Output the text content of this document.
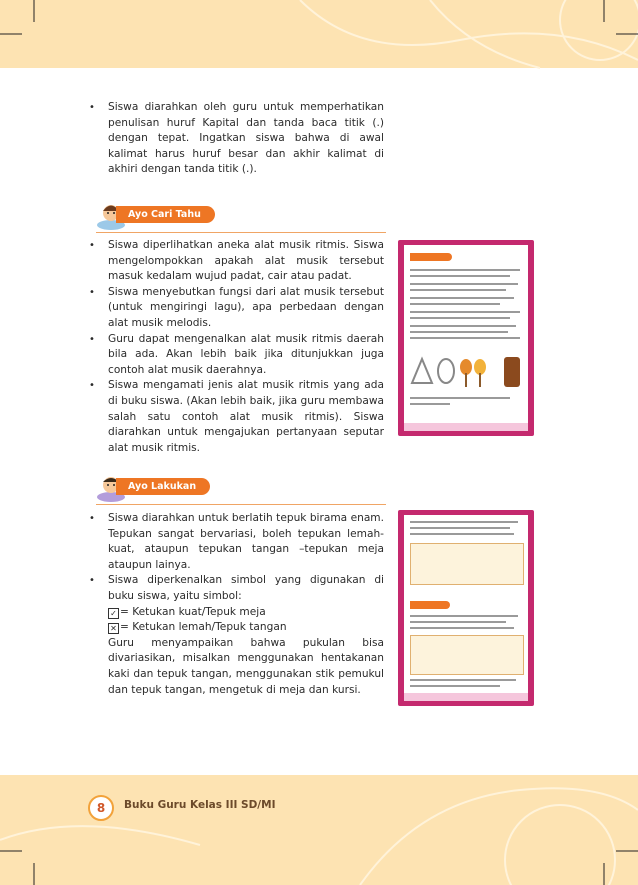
• Siswa diarahkan oleh guru untuk memperhatikan penulisan huruf Kapital dan tanda baca titik (.) dengan tepat. Ingatkan siswa bahwa di awal kalimat harus huruf besar dan akhir kalimat di akhiri dengan tanda titik (.).
Ayo Cari Tahu
• Siswa diperlihatkan aneka alat musik ritmis. Siswa mengelompokkan apakah alat musik tersebut masuk kedalam wujud padat, cair atau padat.
• Siswa menyebutkan fungsi dari alat musik tersebut (untuk mengiringi lagu), apa perbedaan dengan alat musik melodis.
• Guru dapat mengenalkan alat musik ritmis daerah bila ada. Akan lebih baik jika ditunjukkan juga contoh alat musik daerahnya.
• Siswa mengamati jenis alat musik ritmis yang ada di buku siswa. (Akan lebih baik, jika guru membawa salah satu contoh alat musik ritmis). Siswa diarahkan untuk mengajukan pertanyaan seputar alat musik ritmis.
Ayo Lakukan
• Siswa diarahkan untuk berlatih tepuk birama enam. Tepukan sangat bervariasi, boleh tepukan lemah-kuat, ataupun tepukan tangan –tepukan meja ataupun lainya.
• Siswa diperkenalkan simbol yang digunakan di buku siswa, yaitu simbol:
✓ = Ketukan kuat/Tepuk meja
✕ = Ketukan lemah/Tepuk tangan
Guru menyampaikan bahwa pukulan bisa divariasikan, misalkan menggunakan hentakanan kaki dan tepuk tangan, menggunakan stik pemukul dan tepuk tangan, mengetuk di meja dan kursi.
8	Buku Guru Kelas III SD/MI
